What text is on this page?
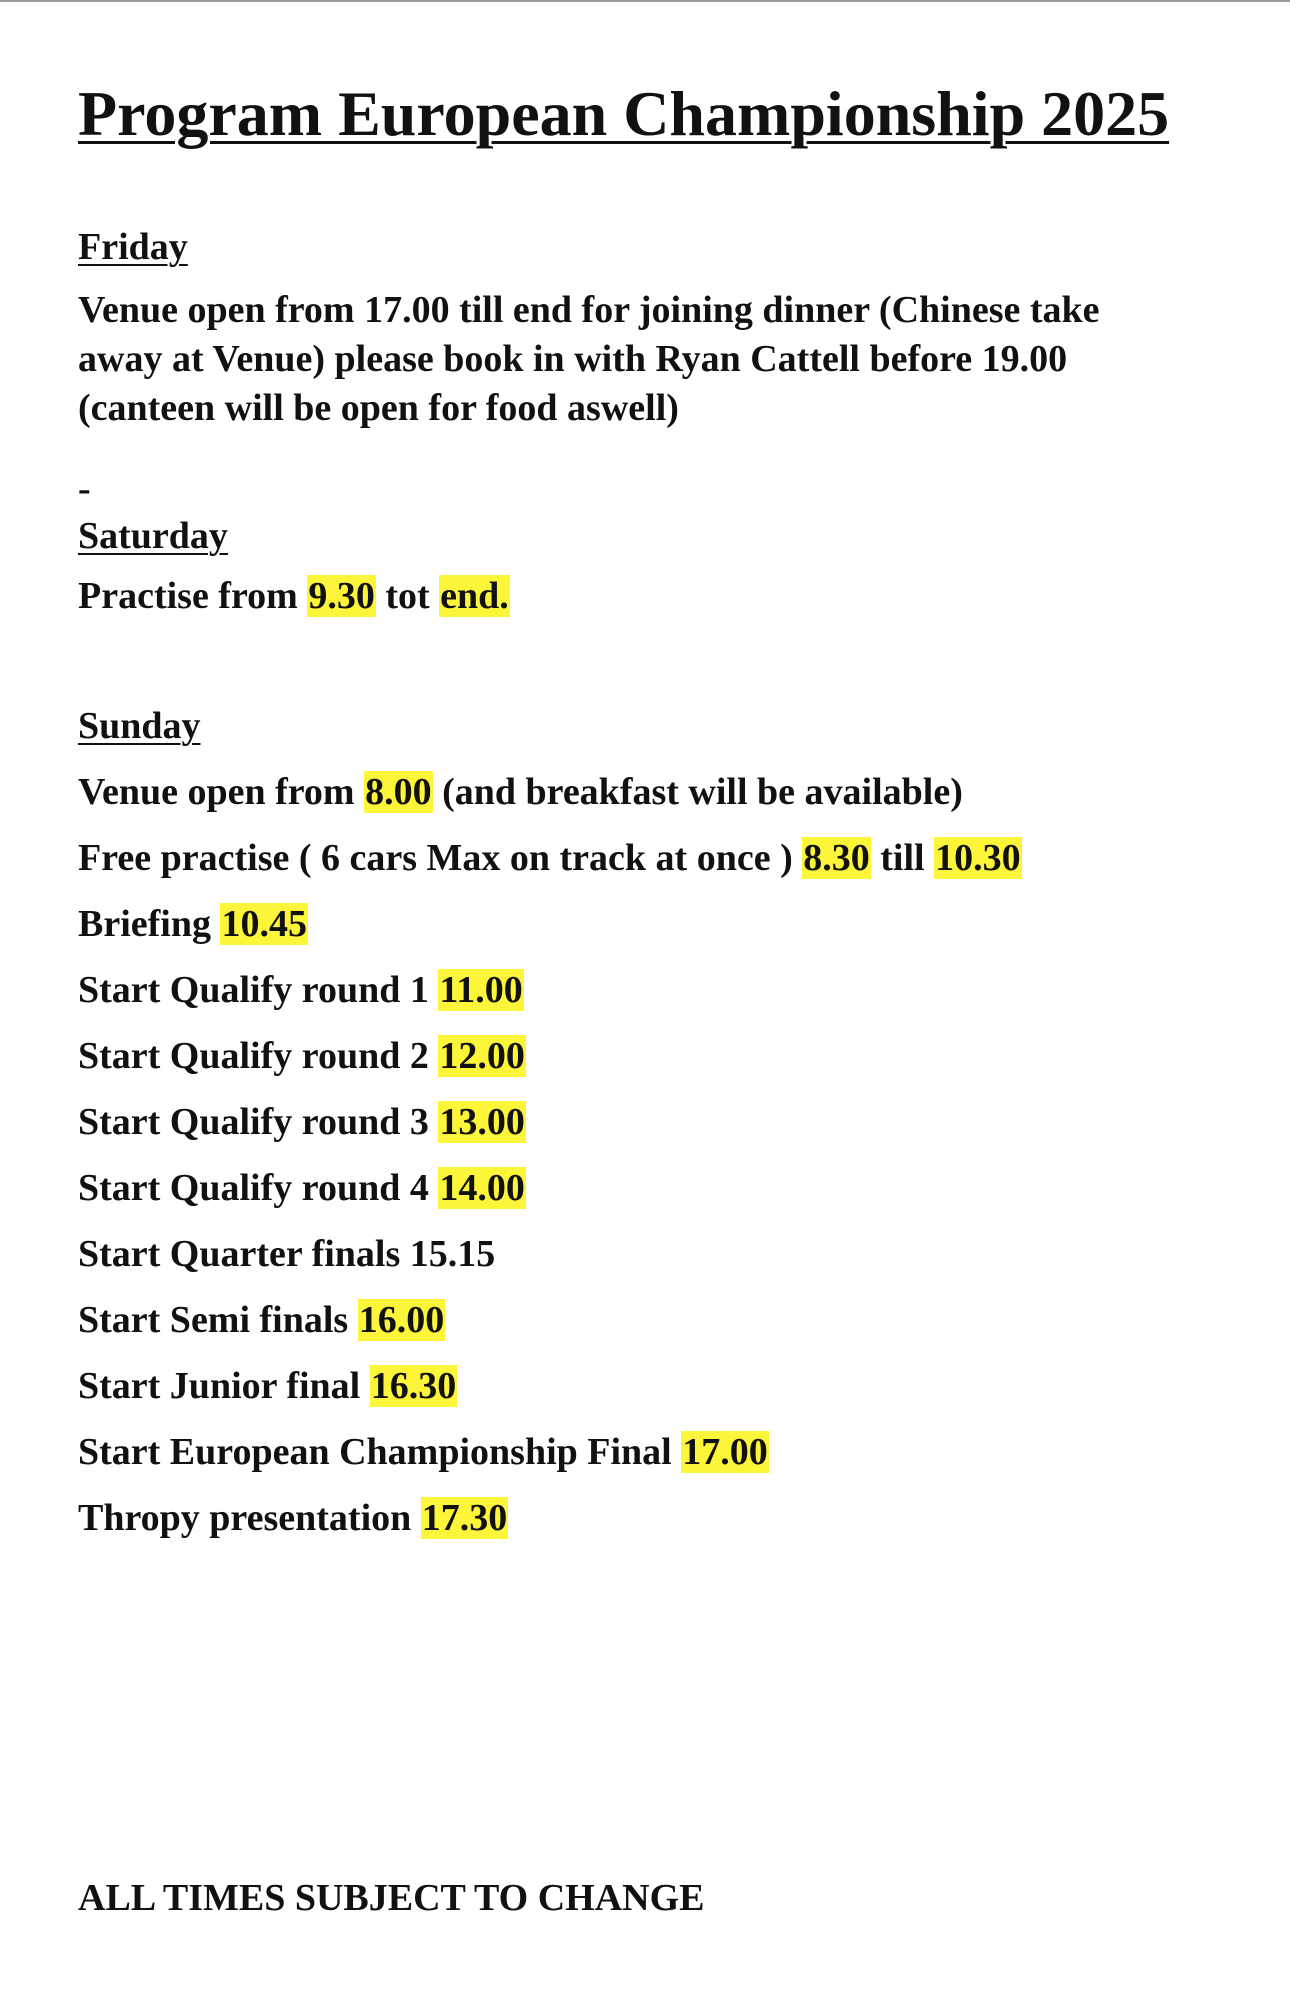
Program European Championship 2025
Friday
Venue open from 17.00 till end for joining dinner (Chinese take
away at Venue) please book in with Ryan Cattell before 19.00
(canteen will be open for food aswell)
-
Saturday
Practise from 9.30 tot end.
Sunday
Venue open from 8.00 (and breakfast will be available)
Free practise ( 6 cars Max on track at once ) 8.30 till 10.30
Briefing 10.45
Start Qualify round 1 11.00
Start Qualify round 2 12.00
Start Qualify round 3 13.00
Start Qualify round 4 14.00
Start Quarter finals 15.15
Start Semi finals 16.00
Start Junior final 16.30
Start European Championship Final 17.00
Thropy presentation 17.30
ALL TIMES SUBJECT TO CHANGE
